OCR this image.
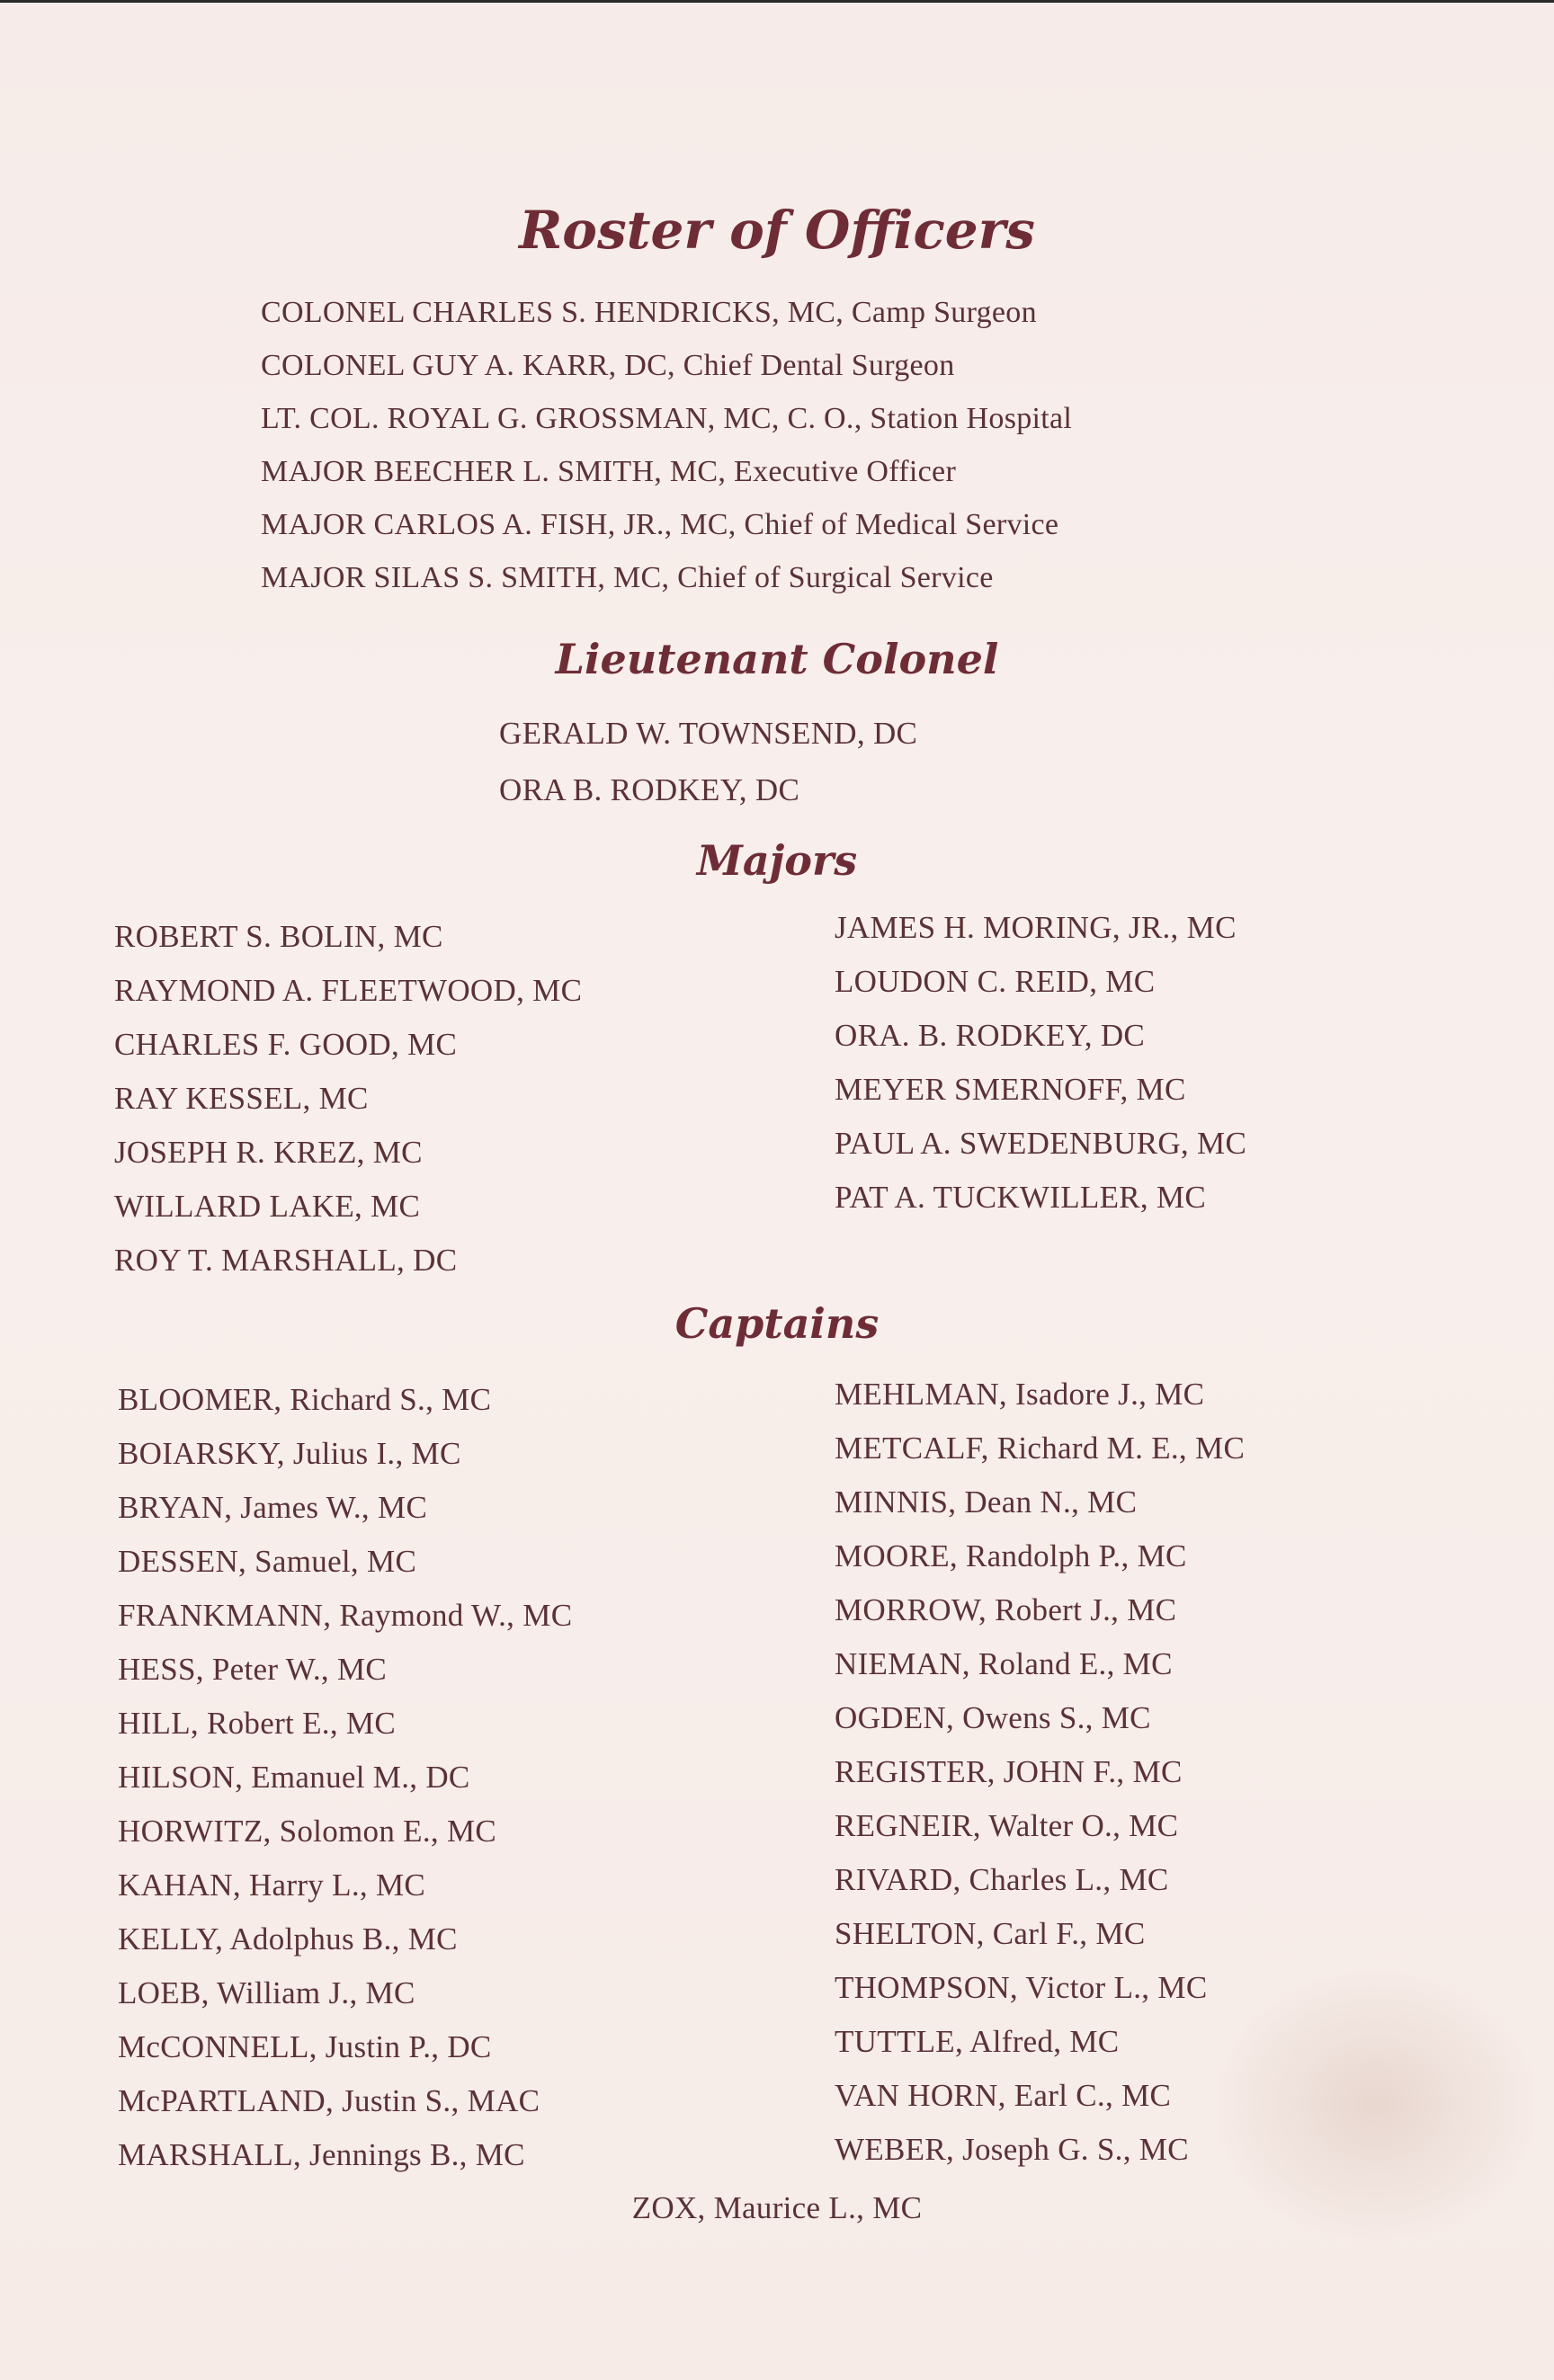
Roster of Officers
COLONEL CHARLES S. HENDRICKS, MC, Camp Surgeon
COLONEL GUY A. KARR, DC, Chief Dental Surgeon
LT. COL. ROYAL G. GROSSMAN, MC, C. O., Station Hospital
MAJOR BEECHER L. SMITH, MC, Executive Officer
MAJOR CARLOS A. FISH, JR., MC, Chief of Medical Service
MAJOR SILAS S. SMITH, MC, Chief of Surgical Service
Lieutenant Colonel
GERALD W. TOWNSEND, DC
ORA B. RODKEY, DC
Majors
ROBERT S. BOLIN, MC
RAYMOND A. FLEETWOOD, MC
CHARLES F. GOOD, MC
RAY KESSEL, MC
JOSEPH R. KREZ, MC
WILLARD LAKE, MC
ROY T. MARSHALL, DC
JAMES H. MORING, JR., MC
LOUDON C. REID, MC
ORA. B. RODKEY, DC
MEYER SMERNOFF, MC
PAUL A. SWEDENBURG, MC
PAT A. TUCKWILLER, MC
Captains
BLOOMER, Richard S., MC
BOIARSKY, Julius I., MC
BRYAN, James W., MC
DESSEN, Samuel, MC
FRANKMANN, Raymond W., MC
HESS, Peter W., MC
HILL, Robert E., MC
HILSON, Emanuel M., DC
HORWITZ, Solomon E., MC
KAHAN, Harry L., MC
KELLY, Adolphus B., MC
LOEB, William J., MC
McCONNELL, Justin P., DC
McPARTLAND, Justin S., MAC
MARSHALL, Jennings B., MC
MEHLMAN, Isadore J., MC
METCALF, Richard M. E., MC
MINNIS, Dean N., MC
MOORE, Randolph P., MC
MORROW, Robert J., MC
NIEMAN, Roland E., MC
OGDEN, Owens S., MC
REGISTER, JOHN F., MC
REGNEIR, Walter O., MC
RIVARD, Charles L., MC
SHELTON, Carl F., MC
THOMPSON, Victor L., MC
TUTTLE, Alfred, MC
VAN HORN, Earl C., MC
WEBER, Joseph G. S., MC

ZOX, Maurice L., MC
